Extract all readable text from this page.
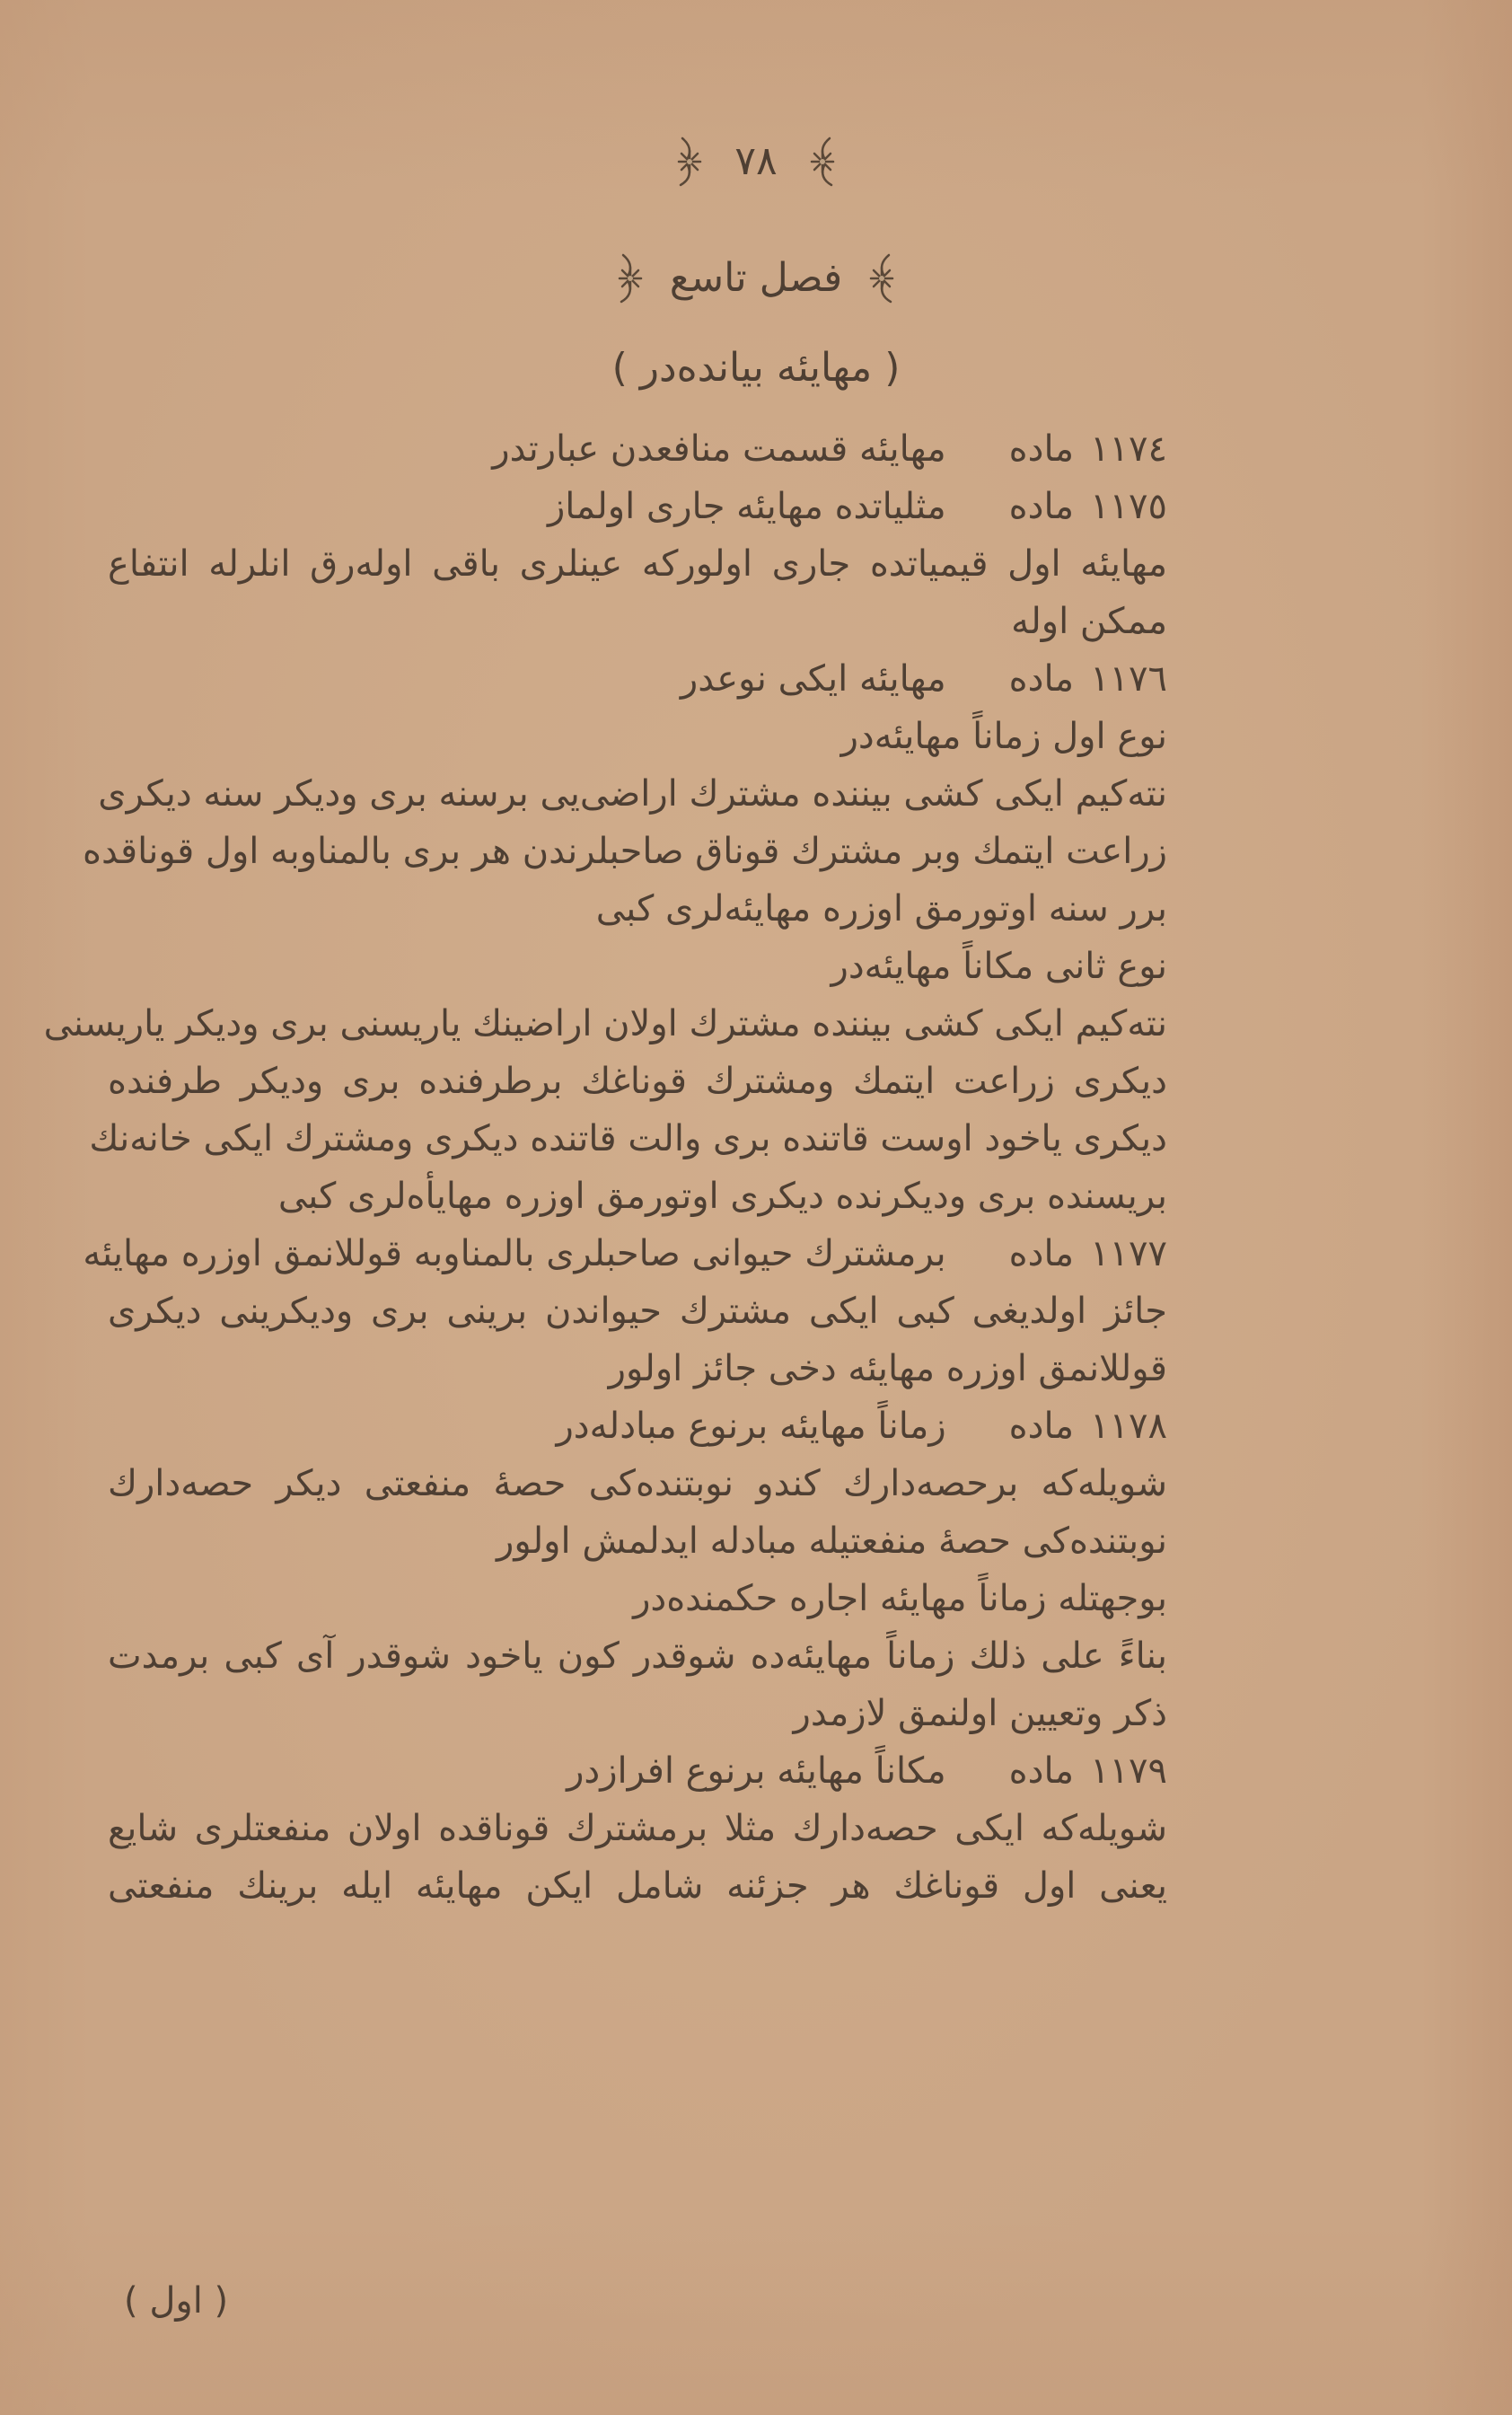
٧٨
فصل تاسع
( مهايئه بيانده‌در )
١١٧٤مادهمهايئه قسمت منافعدن عبارتدر
١١٧٥مادهمثلياتده مهايئه جارى اولماز
مهايئه اول قيمياتده جارى اولوركه عينلرى باقى اوله‌رق انلرله انتفاع
ممكن اوله
١١٧٦مادهمهايئه ايكى نوعدر
نوع اول زماناً مهايئه‌در
نته‌كيم ايكى كشى بيننده مشترك اراضى‌يى برسنه برى وديكر سنه ديكرى
زراعت ايتمك وبر مشترك قوناق صاحبلرندن هر برى بالمناوبه اول قوناقده
برر سنه اوتورمق اوزره مهايئه‌لرى كبى
نوع ثانى مكاناً مهايئه‌در
نته‌كيم ايكى كشى بيننده مشترك اولان اراضينك ياريسنى برى وديكر ياريسنى
ديكرى زراعت ايتمك ومشترك قوناغك برطرفنده برى وديكر طرفنده
ديكرى ياخود اوست قاتنده برى والت قاتنده ديكرى ومشترك ايكى خانه‌نك
بريسنده برى وديكرنده ديكرى اوتورمق اوزره مهايأه‌لرى كبى
١١٧٧مادهبرمشترك حيوانى صاحبلرى بالمناوبه قوللانمق اوزره مهايئه
جائز اولديغى كبى ايكى مشترك حيواندن برينى برى وديكرينى ديكرى
قوللانمق اوزره مهايئه دخى جائز اولور
١١٧٨مادهزماناً مهايئه برنوع مبادله‌در
شويله‌كه برحصه‌دارك كندو نوبتنده‌كى حصهٔ منفعتى ديكر حصه‌دارك
نوبتنده‌كى حصهٔ منفعتيله مبادله ايدلمش اولور
بوجهتله زماناً مهايئه اجاره حكمنده‌در
بناءً على ذلك زماناً مهايئه‌ده شوقدر كون ياخود شوقدر آى كبى برمدت
ذكر وتعيين اولنمق لازمدر
١١٧٩مادهمكاناً مهايئه برنوع افرازدر
شويله‌كه ايكى حصه‌دارك مثلا برمشترك قوناقده اولان منفعتلرى شايع
يعنى اول قوناغك هر جزئنه شامل ايكن مهايئه ايله برينك منفعتى
( اول )
